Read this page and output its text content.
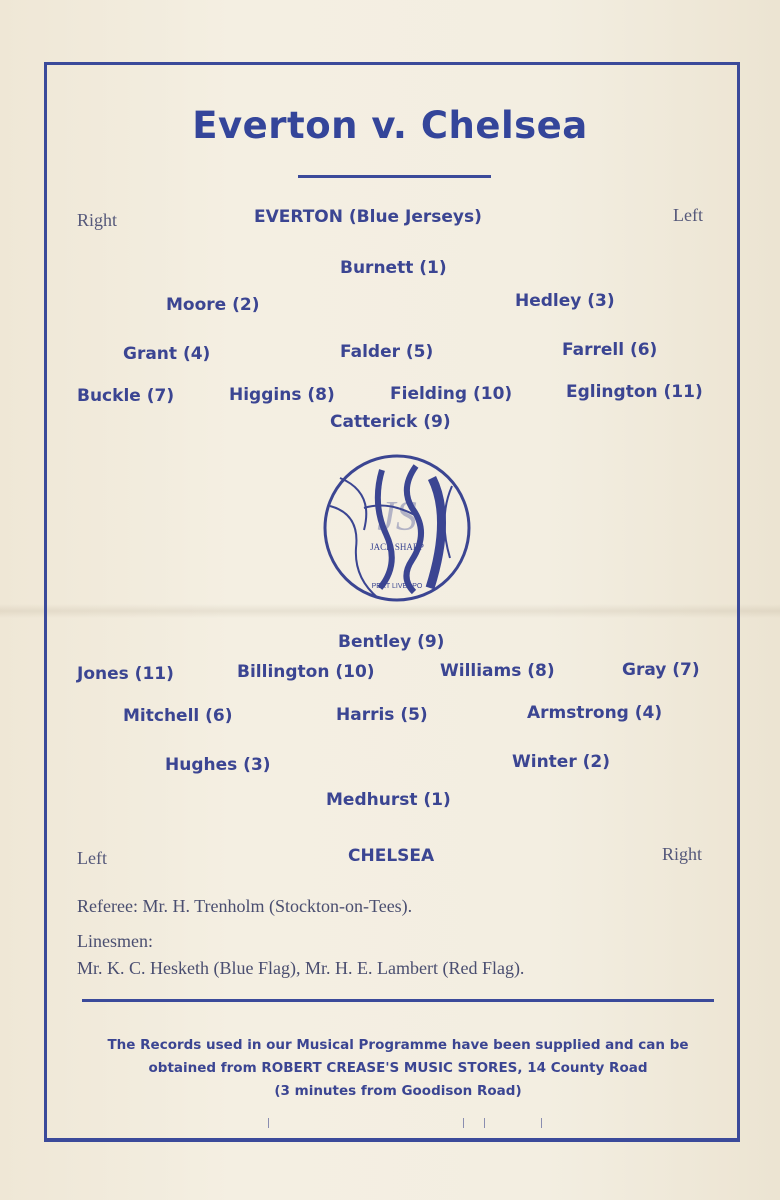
Everton v. Chelsea
Right	EVERTON (Blue Jerseys)	Left
Burnett (1)
Moore (2)	Hedley (3)
Grant (4)	Falder (5)	Farrell (6)
Buckle (7)	Higgins (8)	Fielding (10)	Eglington (11)
Catterick (9)
JACK SHARP
PERT LIVERPO
JS
Bentley (9)
Jones (11)	Billington (10)	Williams (8)	Gray (7)
Mitchell (6)	Harris (5)	Armstrong (4)
Hughes (3)	Winter (2)
Medhurst (1)
Left	CHELSEA	Right
Referee: Mr. H. Trenholm (Stockton-on-Tees).
Linesmen:
Mr. K. C. Hesketh (Blue Flag), Mr. H. E. Lambert (Red Flag).
The Records used in our Musical Programme have been supplied and can be
obtained from ROBERT CREASE'S MUSIC STORES, 14 County Road
(3 minutes from Goodison Road)
